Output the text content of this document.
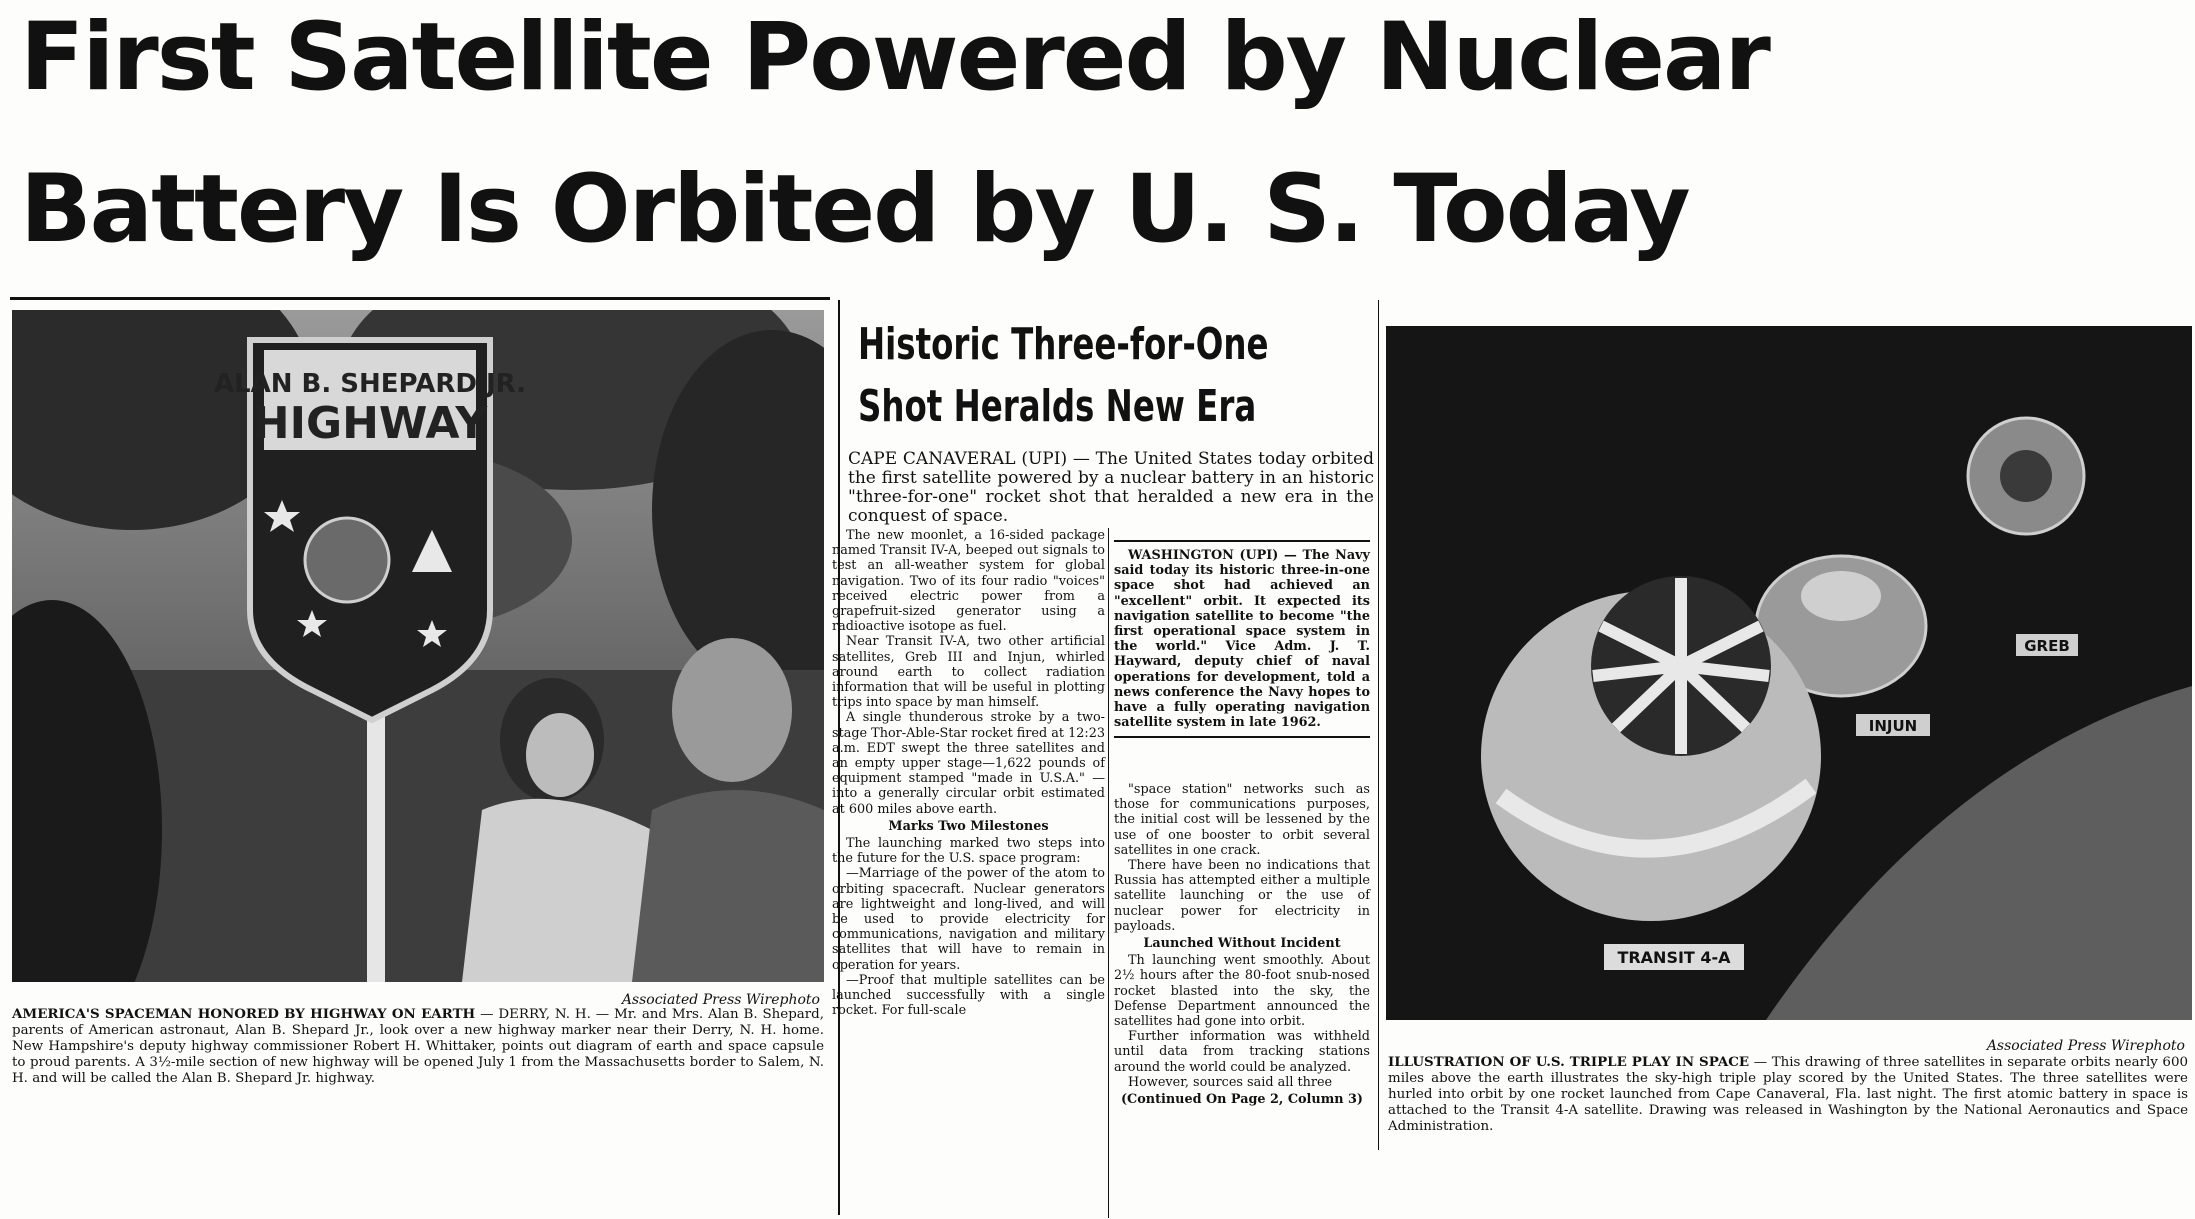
First Satellite Powered by Nuclear
Battery Is Orbited by U. S. Today
ALAN B. SHEPARD JR.
HIGHWAY
Associated Press Wirephoto
AMERICA'S SPACEMAN HONORED BY HIGHWAY ON EARTH — DERRY, N. H. — Mr. and Mrs. Alan B. Shepard, parents of American astronaut, Alan B. Shepard Jr., look over a new highway marker near their Derry, N. H. home. New Hampshire's deputy highway commissioner Robert H. Whittaker, points out diagram of earth and space capsule to proud parents. A 3½-mile section of new highway will be opened July 1 from the Massachusetts border to Salem, N. H. and will be called the Alan B. Shepard Jr. highway.
Historic Three-for-One
Shot Heralds New Era
CAPE CANAVERAL (UPI) — The United States today orbited the first satellite powered by a nuclear battery in an historic "three-for-one" rocket shot that heralded a new era in the conquest of space.

The new moonlet, a 16-sided package named Transit IV-A, beeped out signals to test an all-weather system for global navigation. Two of its four radio "voices" received electric power from a grapefruit-sized generator using a radioactive isotope as fuel.

Near Transit IV-A, two other artificial satellites, Greb III and Injun, whirled around earth to collect radiation information that will be useful in plotting trips into space by man himself.

A single thunderous stroke by a two-stage Thor-Able-Star rocket fired at 12:23 a.m. EDT swept the three satellites and an empty upper stage—1,622 pounds of equipment stamped "made in U.S.A." —into a generally circular orbit estimated at 600 miles above earth.

Marks Two Milestones

The launching marked two steps into the future for the U.S. space program:

—Marriage of the power of the atom to orbiting spacecraft. Nuclear generators are lightweight and long-lived, and will be used to provide electricity for communications, navigation and military satellites that will have to remain in operation for years.

—Proof that multiple satellites can be launched successfully with a single rocket. For full-scale

WASHINGTON (UPI) — The Navy said today its historic three-in-one space shot had achieved an "excellent" orbit. It expected its navigation satellite to become "the first operational space system in the world." Vice Adm. J. T. Hayward, deputy chief of naval operations for development, told a news conference the Navy hopes to have a fully operating navigation satellite system in late 1962.

"space station" networks such as those for communications purposes, the initial cost will be lessened by the use of one booster to orbit several satellites in one crack.

There have been no indications that Russia has attempted either a multiple satellite launching or the use of nuclear power for electricity in payloads.

Launched Without Incident

Th launching went smoothly. About 2½ hours after the 80-foot snub-nosed rocket blasted into the sky, the Defense Department announced the satellites had gone into orbit.

Further information was withheld until data from tracking stations around the world could be analyzed.

However, sources said all three

(Continued On Page 2, Column 3)

GREB
INJUN
TRANSIT 4-A
Associated Press Wirephoto
ILLUSTRATION OF U.S. TRIPLE PLAY IN SPACE — This drawing of three satellites in separate orbits nearly 600 miles above the earth illustrates the sky-high triple play scored by the United States. The three satellites were hurled into orbit by one rocket launched from Cape Canaveral, Fla. last night. The first atomic battery in space is attached to the Transit 4-A satellite. Drawing was released in Washington by the National Aeronautics and Space Administration.
